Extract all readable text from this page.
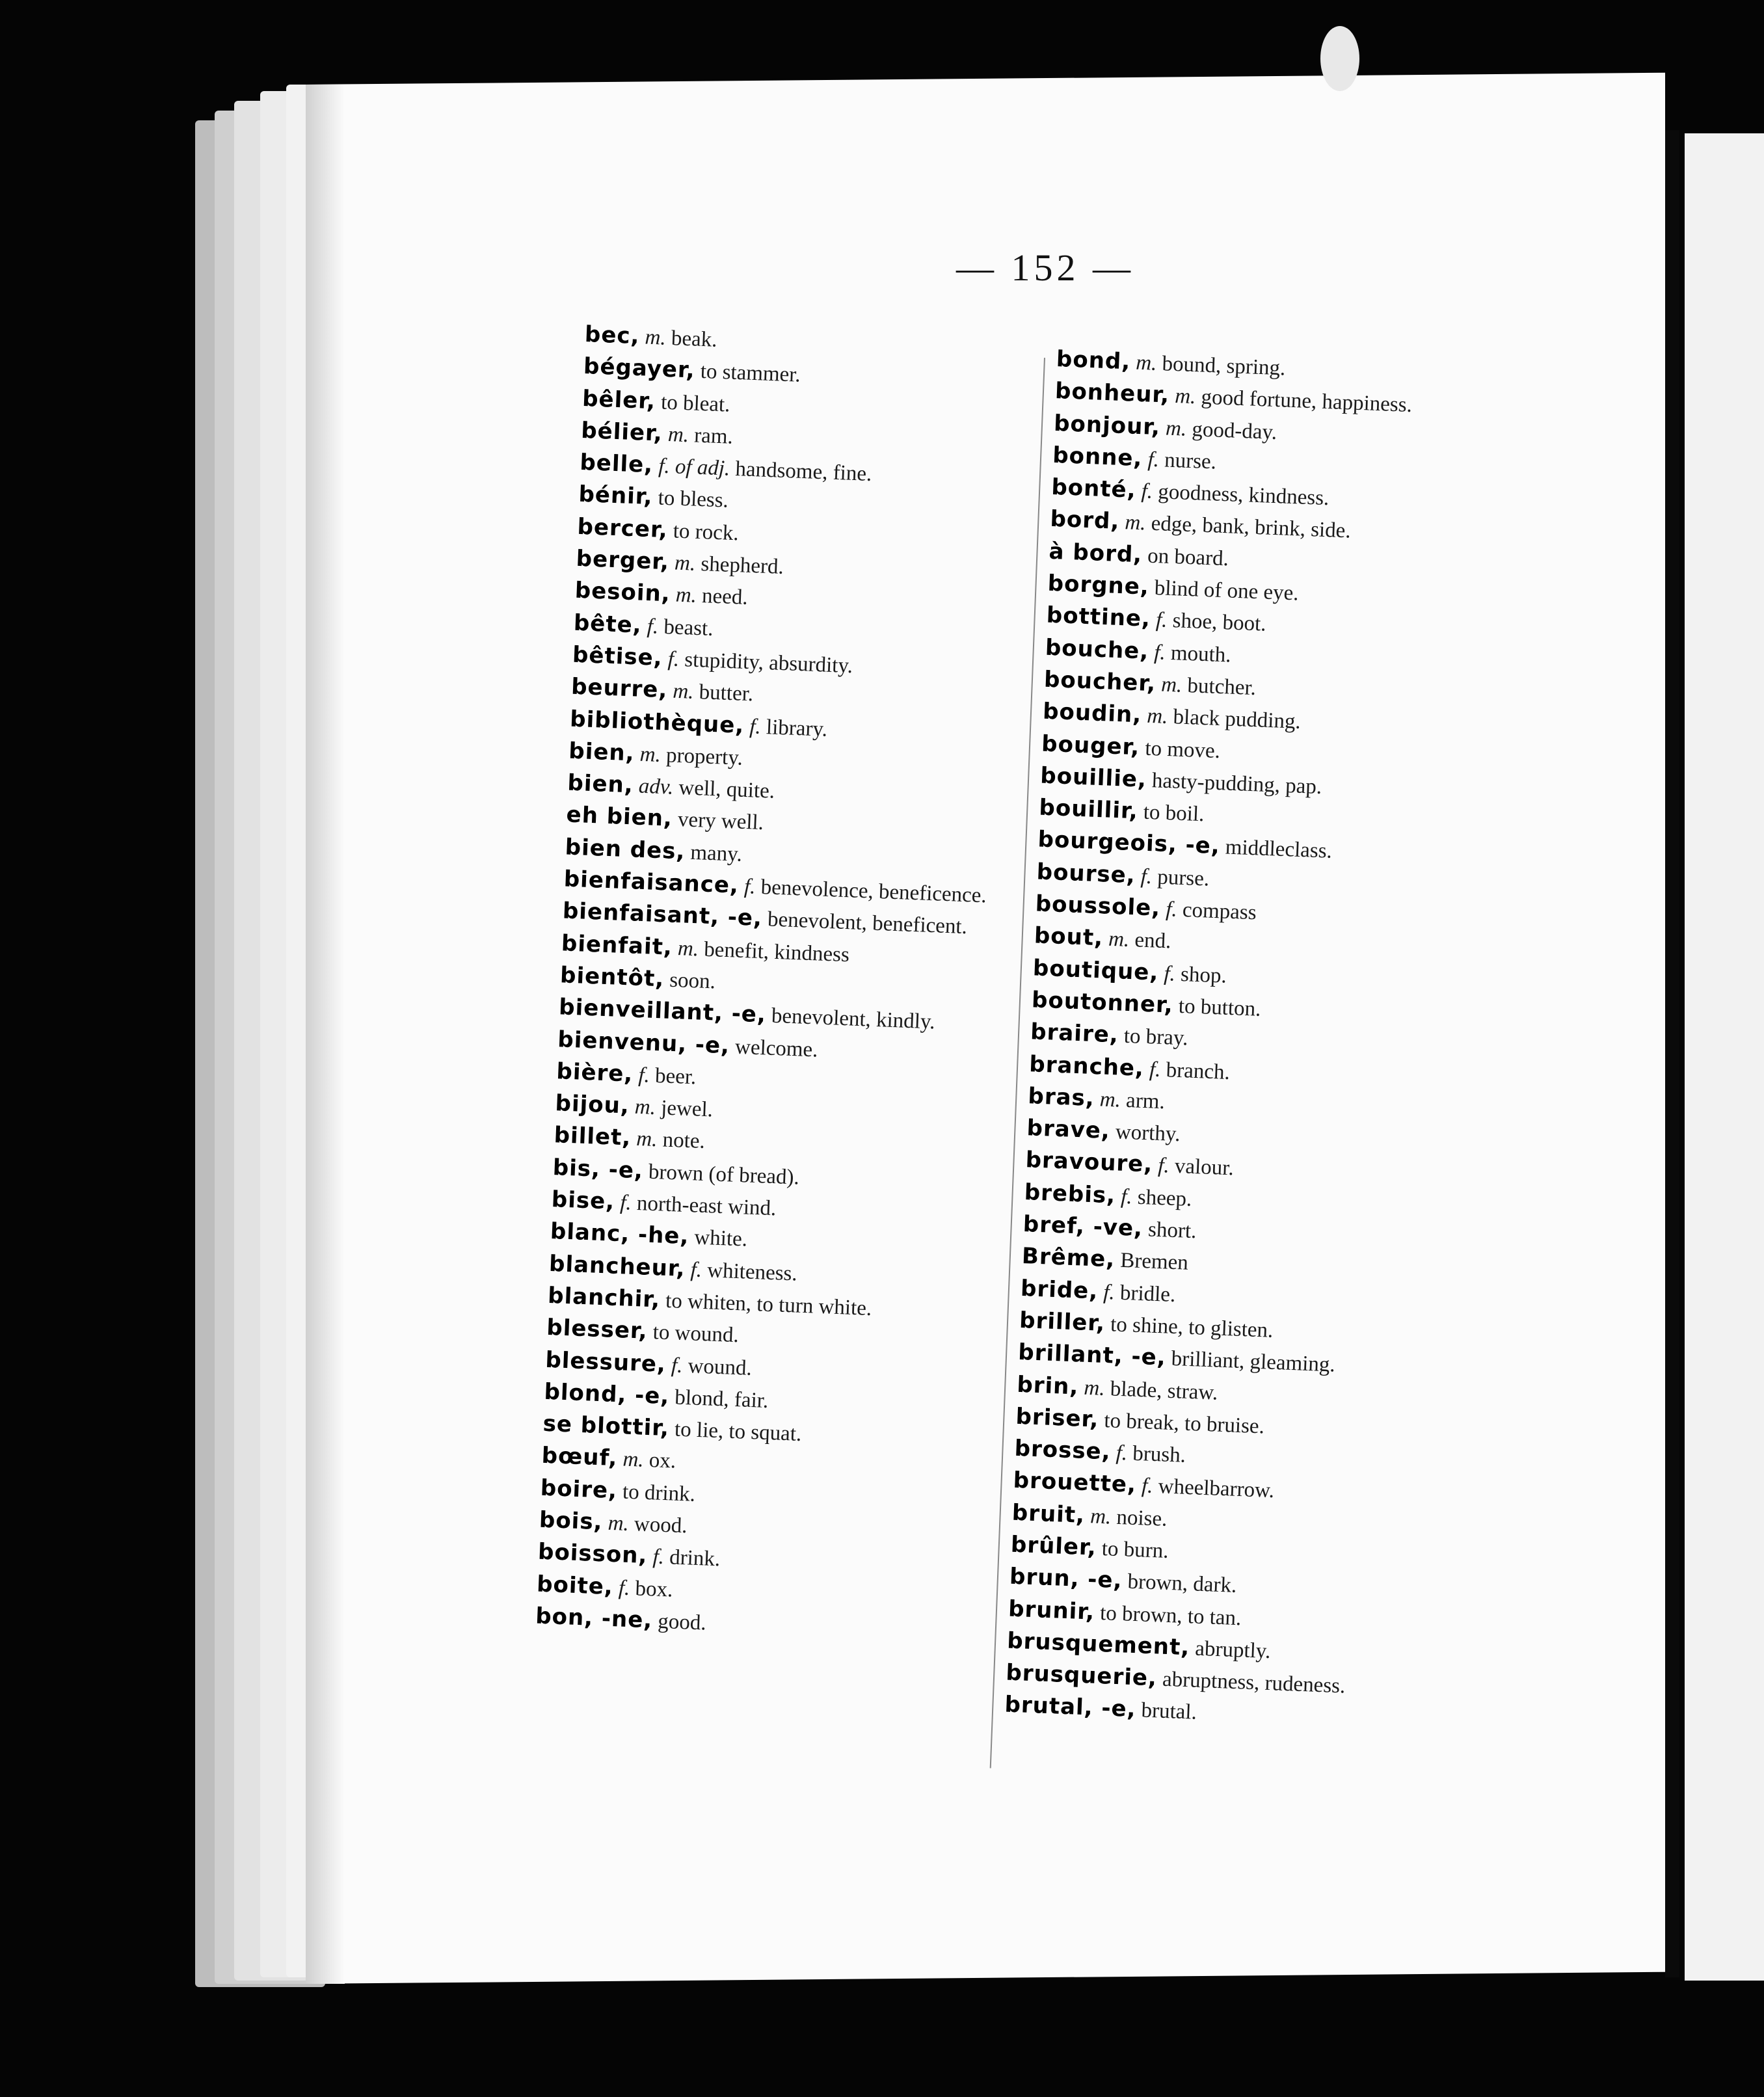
— 152 —
bec, m. beak.
bégayer, to stammer.
bêler, to bleat.
bélier, m. ram.
belle, f. of adj. handsome, fine.
bénir, to bless.
bercer, to rock.
berger, m. shepherd.
besoin, m. need.
bête, f. beast.
bêtise, f. stupidity, absurdity.
beurre, m. butter.
bibliothèque, f. library.
bien, m. property.
bien, adv. well, quite.
eh bien, very well.
bien des, many.
bienfaisance, f. benevolence, beneficence.
bienfaisant, -e, benevolent, beneficent.
bienfait, m. benefit, kindness
bientôt, soon.
bienveillant, -e, benevolent, kindly.
bienvenu, -e, welcome.
bière, f. beer.
bijou, m. jewel.
billet, m. note.
bis, -e, brown (of bread).
bise, f. north-east wind.
blanc, -he, white.
blancheur, f. whiteness.
blanchir, to whiten, to turn white.
blesser, to wound.
blessure, f. wound.
blond, -e, blond, fair.
se blottir, to lie, to squat.
bœuf, m. ox.
boire, to drink.
bois, m. wood.
boisson, f. drink.
boite, f. box.
bon, -ne, good.
bond, m. bound, spring.
bonheur, m. good fortune, happiness.
bonjour, m. good-day.
bonne, f. nurse.
bonté, f. goodness, kindness.
bord, m. edge, bank, brink, side.
à bord, on board.
borgne, blind of one eye.
bottine, f. shoe, boot.
bouche, f. mouth.
boucher, m. butcher.
boudin, m. black pudding.
bouger, to move.
bouillie, hasty-pudding, pap.
bouillir, to boil.
bourgeois, -e, middleclass.
bourse, f. purse.
boussole, f. compass
bout, m. end.
boutique, f. shop.
boutonner, to button.
braire, to bray.
branche, f. branch.
bras, m. arm.
brave, worthy.
bravoure, f. valour.
brebis, f. sheep.
bref, -ve, short.
Brême, Bremen
bride, f. bridle.
briller, to shine, to glisten.
brillant, -e, brilliant, gleaming.
brin, m. blade, straw.
briser, to break, to bruise.
brosse, f. brush.
brouette, f. wheelbarrow.
bruit, m. noise.
brûler, to burn.
brun, -e, brown, dark.
brunir, to brown, to tan.
brusquement, abruptly.
brusquerie, abruptness, rudeness.
brutal, -e, brutal.
